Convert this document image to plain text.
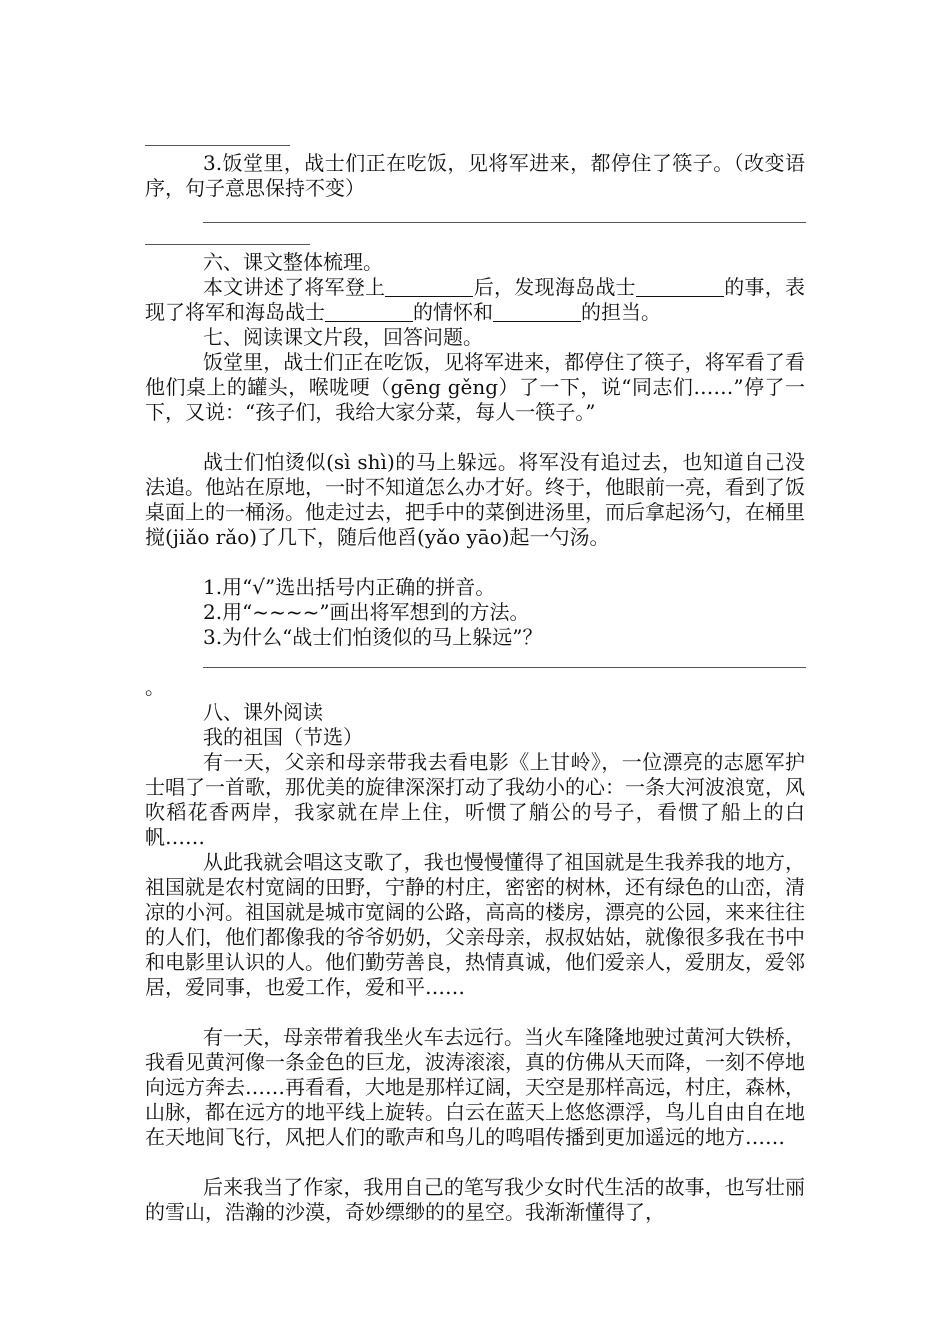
3.饭堂里，战士们正在吃饭，见将军进来，都停住了筷子。（改变语序，句子意思保持不变）

六、课文整体梳理。

本文讲述了将军登上	后，发现海岛战士	的事，表现了将军和海岛战士	的情怀和	的担当。

七、阅读课文片段，回答问题。

饭堂里，战士们正在吃饭，见将军进来，都停住了筷子，将军看了看他们桌上的罐头，喉咙哽（gēng gěng）了一下，说“同志们……”停了一下，又说：“孩子们，我给大家分菜，每人一筷子。”

战士们怕烫似(sì shì)的马上躲远。将军没有追过去，也知道自己没法追。他站在原地，一时不知道怎么办才好。终于，他眼前一亮，看到了饭桌面上的一桶汤。他走过去，把手中的菜倒进汤里，而后拿起汤勺，在桶里搅(jiǎo rǎo)了几下，随后他舀(yǎo yāo)起一勺汤。

1.用“√”选出括号内正确的拼音。

2.用“~~~~”画出将军想到的方法。

3.为什么“战士们怕烫似的马上躲远”？

。

八、课外阅读

我的祖国（节选）

有一天，父亲和母亲带我去看电影《上甘岭》，一位漂亮的志愿军护士唱了一首歌，那优美的旋律深深打动了我幼小的心：一条大河波浪宽，风吹稻花香两岸，我家就在岸上住，听惯了艄公的号子，看惯了船上的白帆……

从此我就会唱这支歌了，我也慢慢懂得了祖国就是生我养我的地方，祖国就是农村宽阔的田野，宁静的村庄，密密的树林，还有绿色的山峦，清凉的小河。祖国就是城市宽阔的公路，高高的楼房，漂亮的公园，来来往往的人们，他们都像我的爷爷奶奶，父亲母亲，叔叔姑姑，就像很多我在书中和电影里认识的人。他们勤劳善良，热情真诚，他们爱亲人，爱朋友，爱邻居，爱同事，也爱工作，爱和平……

有一天，母亲带着我坐火车去远行。当火车隆隆地驶过黄河大铁桥，我看见黄河像一条金色的巨龙，波涛滚滚，真的仿佛从天而降，一刻不停地向远方奔去……再看看，大地是那样辽阔，天空是那样高远，村庄，森林，山脉，都在远方的地平线上旋转。白云在蓝天上悠悠漂浮，鸟儿自由自在地在天地间飞行，风把人们的歌声和鸟儿的鸣唱传播到更加遥远的地方……

后来我当了作家，我用自己的笔写我少女时代生活的故事，也写壮丽的雪山，浩瀚的沙漠，奇妙缥缈的的星空。我渐渐懂得了，
